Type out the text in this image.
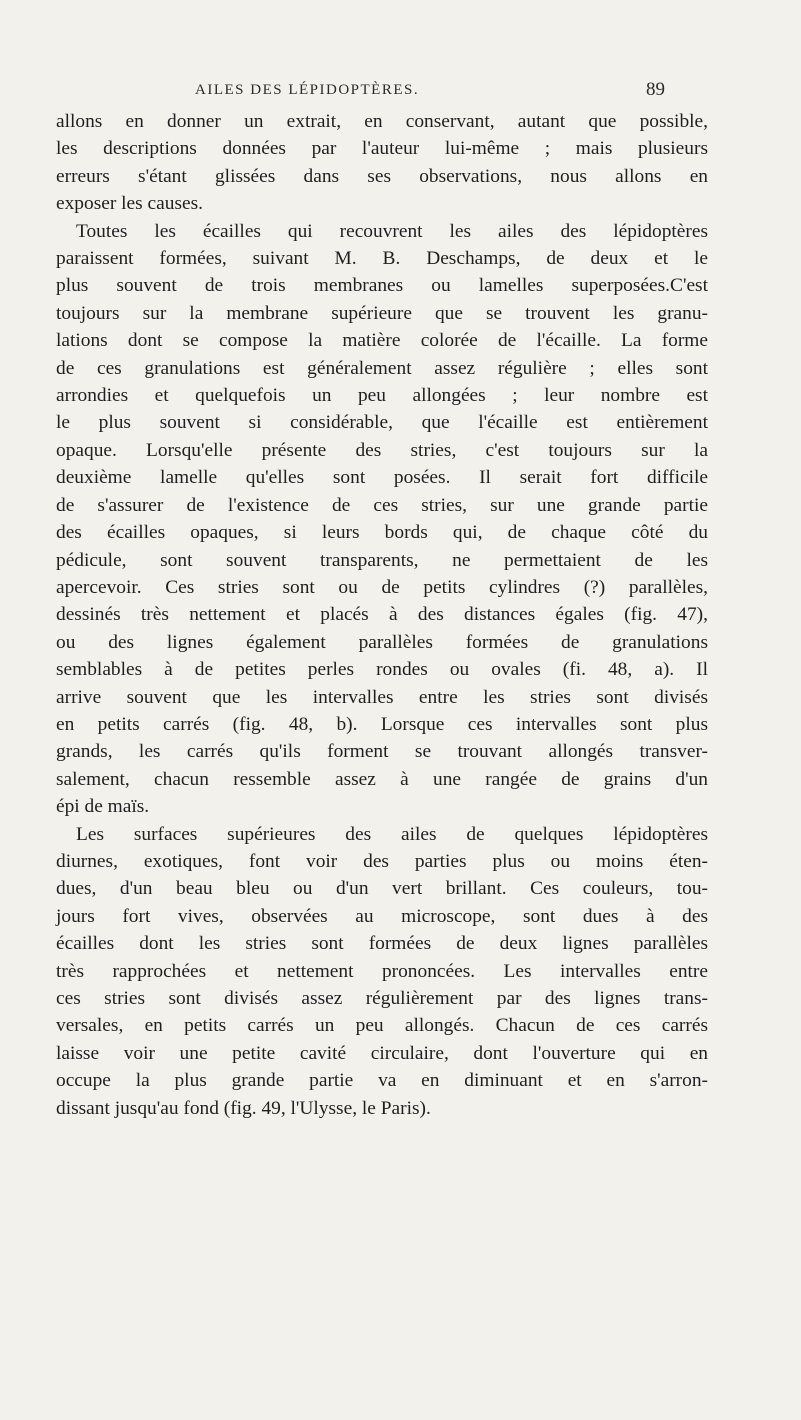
AILES DES LÉPIDOPTÈRES.	89
allons en donner un extrait, en conservant, autant que possible,
les descriptions données par l'auteur lui-même ; mais plusieurs
erreurs s'étant glissées dans ses observations, nous allons en
exposer les causes.
Toutes les écailles qui recouvrent les ailes des lépidoptères
paraissent formées, suivant M. B. Deschamps, de deux et le
plus souvent de trois membranes ou lamelles superposées.C'est
toujours sur la membrane supérieure que se trouvent les granu-
lations dont se compose la matière colorée de l'écaille. La forme
de ces granulations est généralement assez régulière ; elles sont
arrondies et quelquefois un peu allongées ; leur nombre est
le plus souvent si considérable, que l'écaille est entièrement
opaque. Lorsqu'elle présente des stries, c'est toujours sur la
deuxième lamelle qu'elles sont posées. Il serait fort difficile
de s'assurer de l'existence de ces stries, sur une grande partie
des écailles opaques, si leurs bords qui, de chaque côté du
pédicule, sont souvent transparents, ne permettaient de les
apercevoir. Ces stries sont ou de petits cylindres (?) parallèles,
dessinés très nettement et placés à des distances égales (fig. 47),
ou des lignes également parallèles formées de granulations
semblables à de petites perles rondes ou ovales (fi. 48, a). Il
arrive souvent que les intervalles entre les stries sont divisés
en petits carrés (fig. 48, b). Lorsque ces intervalles sont plus
grands, les carrés qu'ils forment se trouvant allongés transver-
salement, chacun ressemble assez à une rangée de grains d'un
épi de maïs.
Les surfaces supérieures des ailes de quelques lépidoptères
diurnes, exotiques, font voir des parties plus ou moins éten-
dues, d'un beau bleu ou d'un vert brillant. Ces couleurs, tou-
jours fort vives, observées au microscope, sont dues à des
écailles dont les stries sont formées de deux lignes parallèles
très rapprochées et nettement prononcées. Les intervalles entre
ces stries sont divisés assez régulièrement par des lignes trans-
versales, en petits carrés un peu allongés. Chacun de ces carrés
laisse voir une petite cavité circulaire, dont l'ouverture qui en
occupe la plus grande partie va en diminuant et en s'arron-
dissant jusqu'au fond (fig. 49, l'Ulysse, le Paris).
